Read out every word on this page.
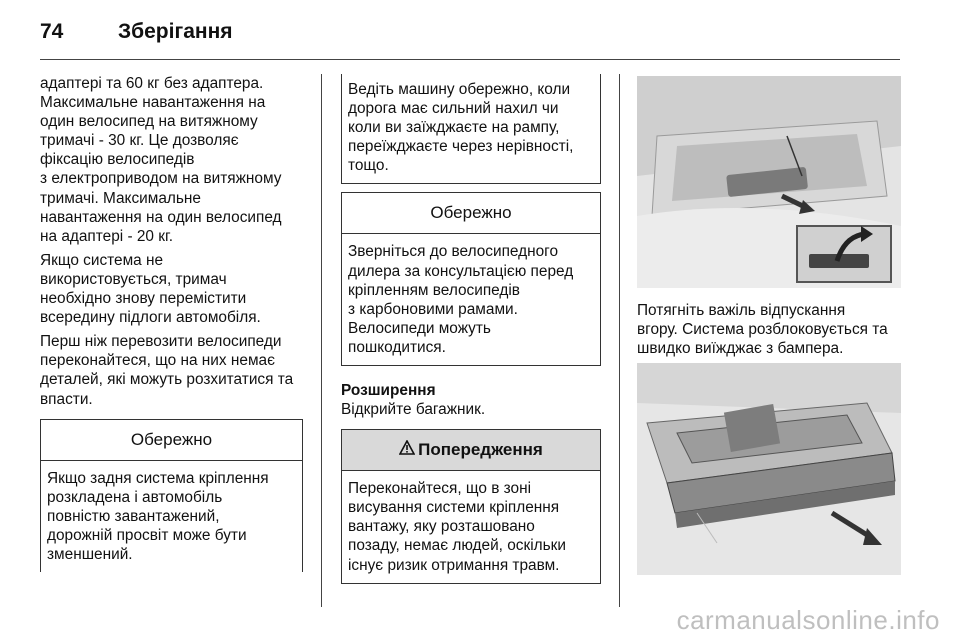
74	Зберігання

адаптері та 60 кг без адаптера.
Максимальне навантаження на
один велосипед на витяжному
тримачі - 30 кг. Це дозволяє
фіксацію велосипедів
з електроприводом на витяжному
тримачі. Максимальне
навантаження на один велосипед
на адаптері - 20 кг.

Якщо система не
використовується, тримач
необхідно знову перемістити
всередину підлоги автомобіля.

Перш ніж перевозити велосипеди
переконайтеся, що на них немає
деталей, які можуть розхитатися та
впасти.

Обережно

Якщо задня система кріплення
розкладена і автомобіль
повністю завантажений,
дорожній просвіт може бути
зменшений.

Ведіть машину обережно, коли
дорога має сильний нахил чи
коли ви заїжджаєте на рампу,
переїжджаєте через нерівності,
тощо.

Обережно

Зверніться до велосипедного
дилера за консультацією перед
кріпленням велосипедів
з карбоновими рамами.
Велосипеди можуть
пошкодитися.

Розширення

Відкрийте багажник.

Попередження

Переконайтеся, що в зоні
висування системи кріплення
вантажу, яку розташовано
позаду, немає людей, оскільки
існує ризик отримання травм.

Потягніть важіль відпускання
вгору. Система розблоковується та
швидко виїжджає з бампера.

carmanualsonline.info
